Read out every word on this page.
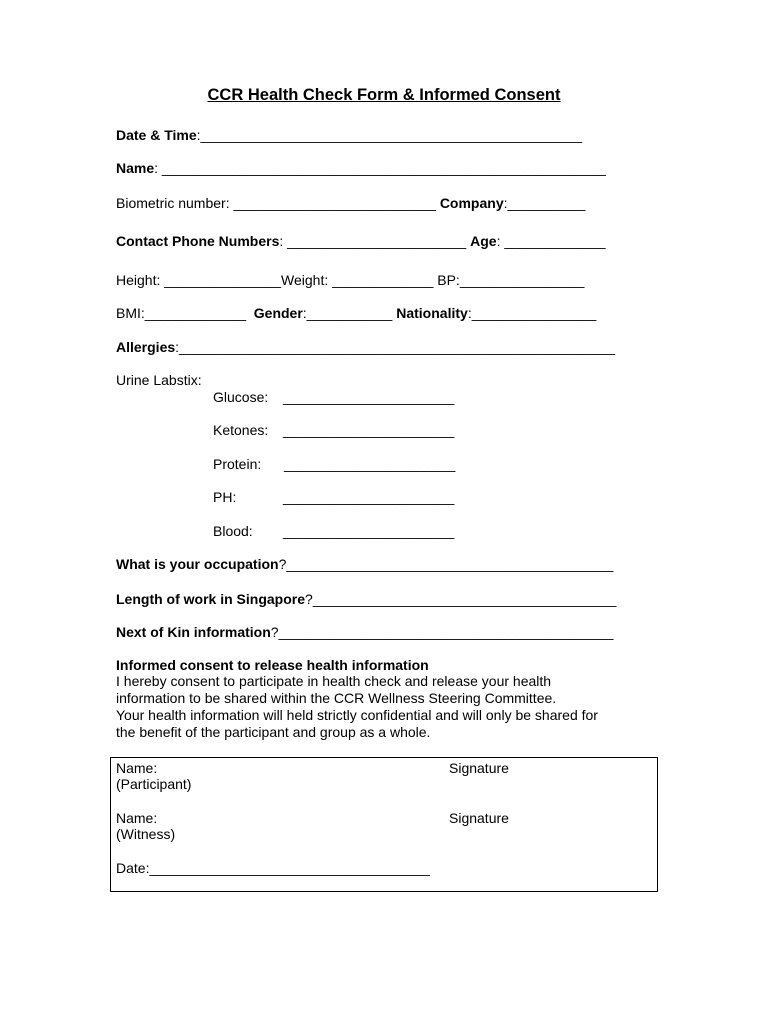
CCR Health Check Form & Informed Consent
Date & Time:_________________________________________________
Name: _________________________________________________________
Biometric number: __________________________ Company:__________
Contact Phone Numbers: _______________________ Age: _____________
Height: _______________Weight: _____________ BP:________________
BMI:_____________ Gender:___________ Nationality:________________
Allergies:________________________________________________________
Urine Labstix:
Glucose: ______________________
Ketones: ______________________
Protein: ______________________
PH:	______________________
Blood: ______________________
What is your occupation?__________________________________________
Length of work in Singapore?_______________________________________
Next of Kin information?___________________________________________
Informed consent to release health information
I hereby consent to participate in health check and release your health
information to be shared within the CCR Wellness Steering Committee.
Your health information will held strictly confidential and will only be shared for
the benefit of the participant and group as a whole.
Name:
(Participant)
Signature
Name:
(Witness)
Signature
Date:____________________________________
